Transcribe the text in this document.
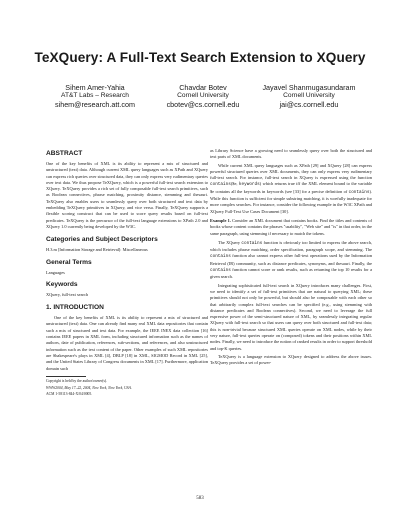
TeXQuery: A Full-Text Search Extension to XQuery
Sihem Amer-Yahia
AT&T Labs – Research
sihem@research.att.com
Chavdar Botev
Cornell University
cbotev@cs.cornell.edu
Jayavel Shanmugasundaram
Cornell University
jai@cs.cornell.edu
ABSTRACT

One of the key benefits of XML is its ability to represent a mix of structured and unstructured (text) data. Although current XML query languages such as XPath and XQuery can express rich queries over structured data, they can only express very rudimentary queries over text data. We thus propose TeXQuery, which is a powerful full-text search extension to XQuery. TeXQuery provides a rich set of fully composable full-text search primitives, such as Boolean connectives, phrase matching, proximity distance, stemming and thesauri. TeXQuery also enables users to seamlessly query over both structured and text data by embedding TeXQuery primitives in XQuery, and vice versa. Finally, TeXQuery supports a flexible scoring construct that can be used to score query results based on full-text predicates. TeXQuery is the precursor of the full-text language extensions to XPath 2.0 and XQuery 1.0 currently being developed by the W3C.

Categories and Subject Descriptors

H.3.m [Information Storage and Retrieval]: Miscellaneous

General Terms

Languages

Keywords

XQuery, full-text search

1. INTRODUCTION

One of the key benefits of XML is its ability to represent a mix of structured and unstructured (text) data. One can already find many real XML data repositories that contain such a mix of structured and text data. For example, the IEEE INEX data collection [16] contains IEEE papers in XML form, including structured information such as the names of authors, date of publication, references, sub-sections, and references, and also unstructured information such as the text content of the paper. Other examples of such XML repositories are Shakespeare's plays in XML [4], DBLP [18] in XML, SIGMOD Record in XML [25], and the United States Library of Congress documents in XML [17]. Furthermore, application domain such

Copyright is held by the author/owner(s).

WWW2004, May 17–22, 2004, New York, New York, USA.

ACM 1-58113-844-X/04/0005.

as Library Science have a growing need to seamlessly query over both the structured and text parts of XML documents.

While current XML query languages such as XPath [29] and XQuery [28] can express powerful structured queries over XML documents, they can only express very rudimentary full-text search. For instance, full-text search in XQuery is expressed using the function contains($e, keywords) which returns true iff the XML element bound to the variable $e contains all the keywords in keywords (see [33] for a precise definition of contains). While this function is sufficient for simple substring matching, it is woefully inadequate for more complex searches. For instance, consider the following example in the W3C XPath and XQuery Full-Text Use Cases Document [30].

Example 1. Consider an XML document that contains books. Find the titles and contents of books whose content contains the phrases "usability", "Web site" and "is" in that order, in the same paragraph, using stemming if necessary to match the tokens.

The XQuery contains function is obviously too limited to express the above search, which includes phrase matching, order specification, paragraph scope, and stemming. The contains function also cannot express other full-text operations used by the Information Retrieval (IR) community, such as distance predicates, synonyms, and thesauri. Finally, the contains function cannot score or rank results, such as returning the top 10 results for a given search.

Integrating sophisticated full-text search in XQuery introduces many challenges. First, we need to identify a set of full-text primitives that are natural to querying XML; these primitives should not only be powerful, but should also be composable with each other so that arbitrarily complex full-text searches can be specified (e.g., using stemming with distance predicates and Boolean connectives). Second, we need to leverage the full expressive power of the semi-structured nature of XML, by seamlessly integrating regular XQuery with full-text search so that users can query over both structured and full-text data; this is non-trivial because structured XML queries operate on XML nodes, while by their very nature, full-text queries operate on (composed) tokens and their positions within XML nodes. Finally, we need to introduce the notion of ranked results in order to support threshold and top-K queries.

TeXQuery is a language extension to XQuery designed to address the above issues. TeXQuery provides a set of power-

583
